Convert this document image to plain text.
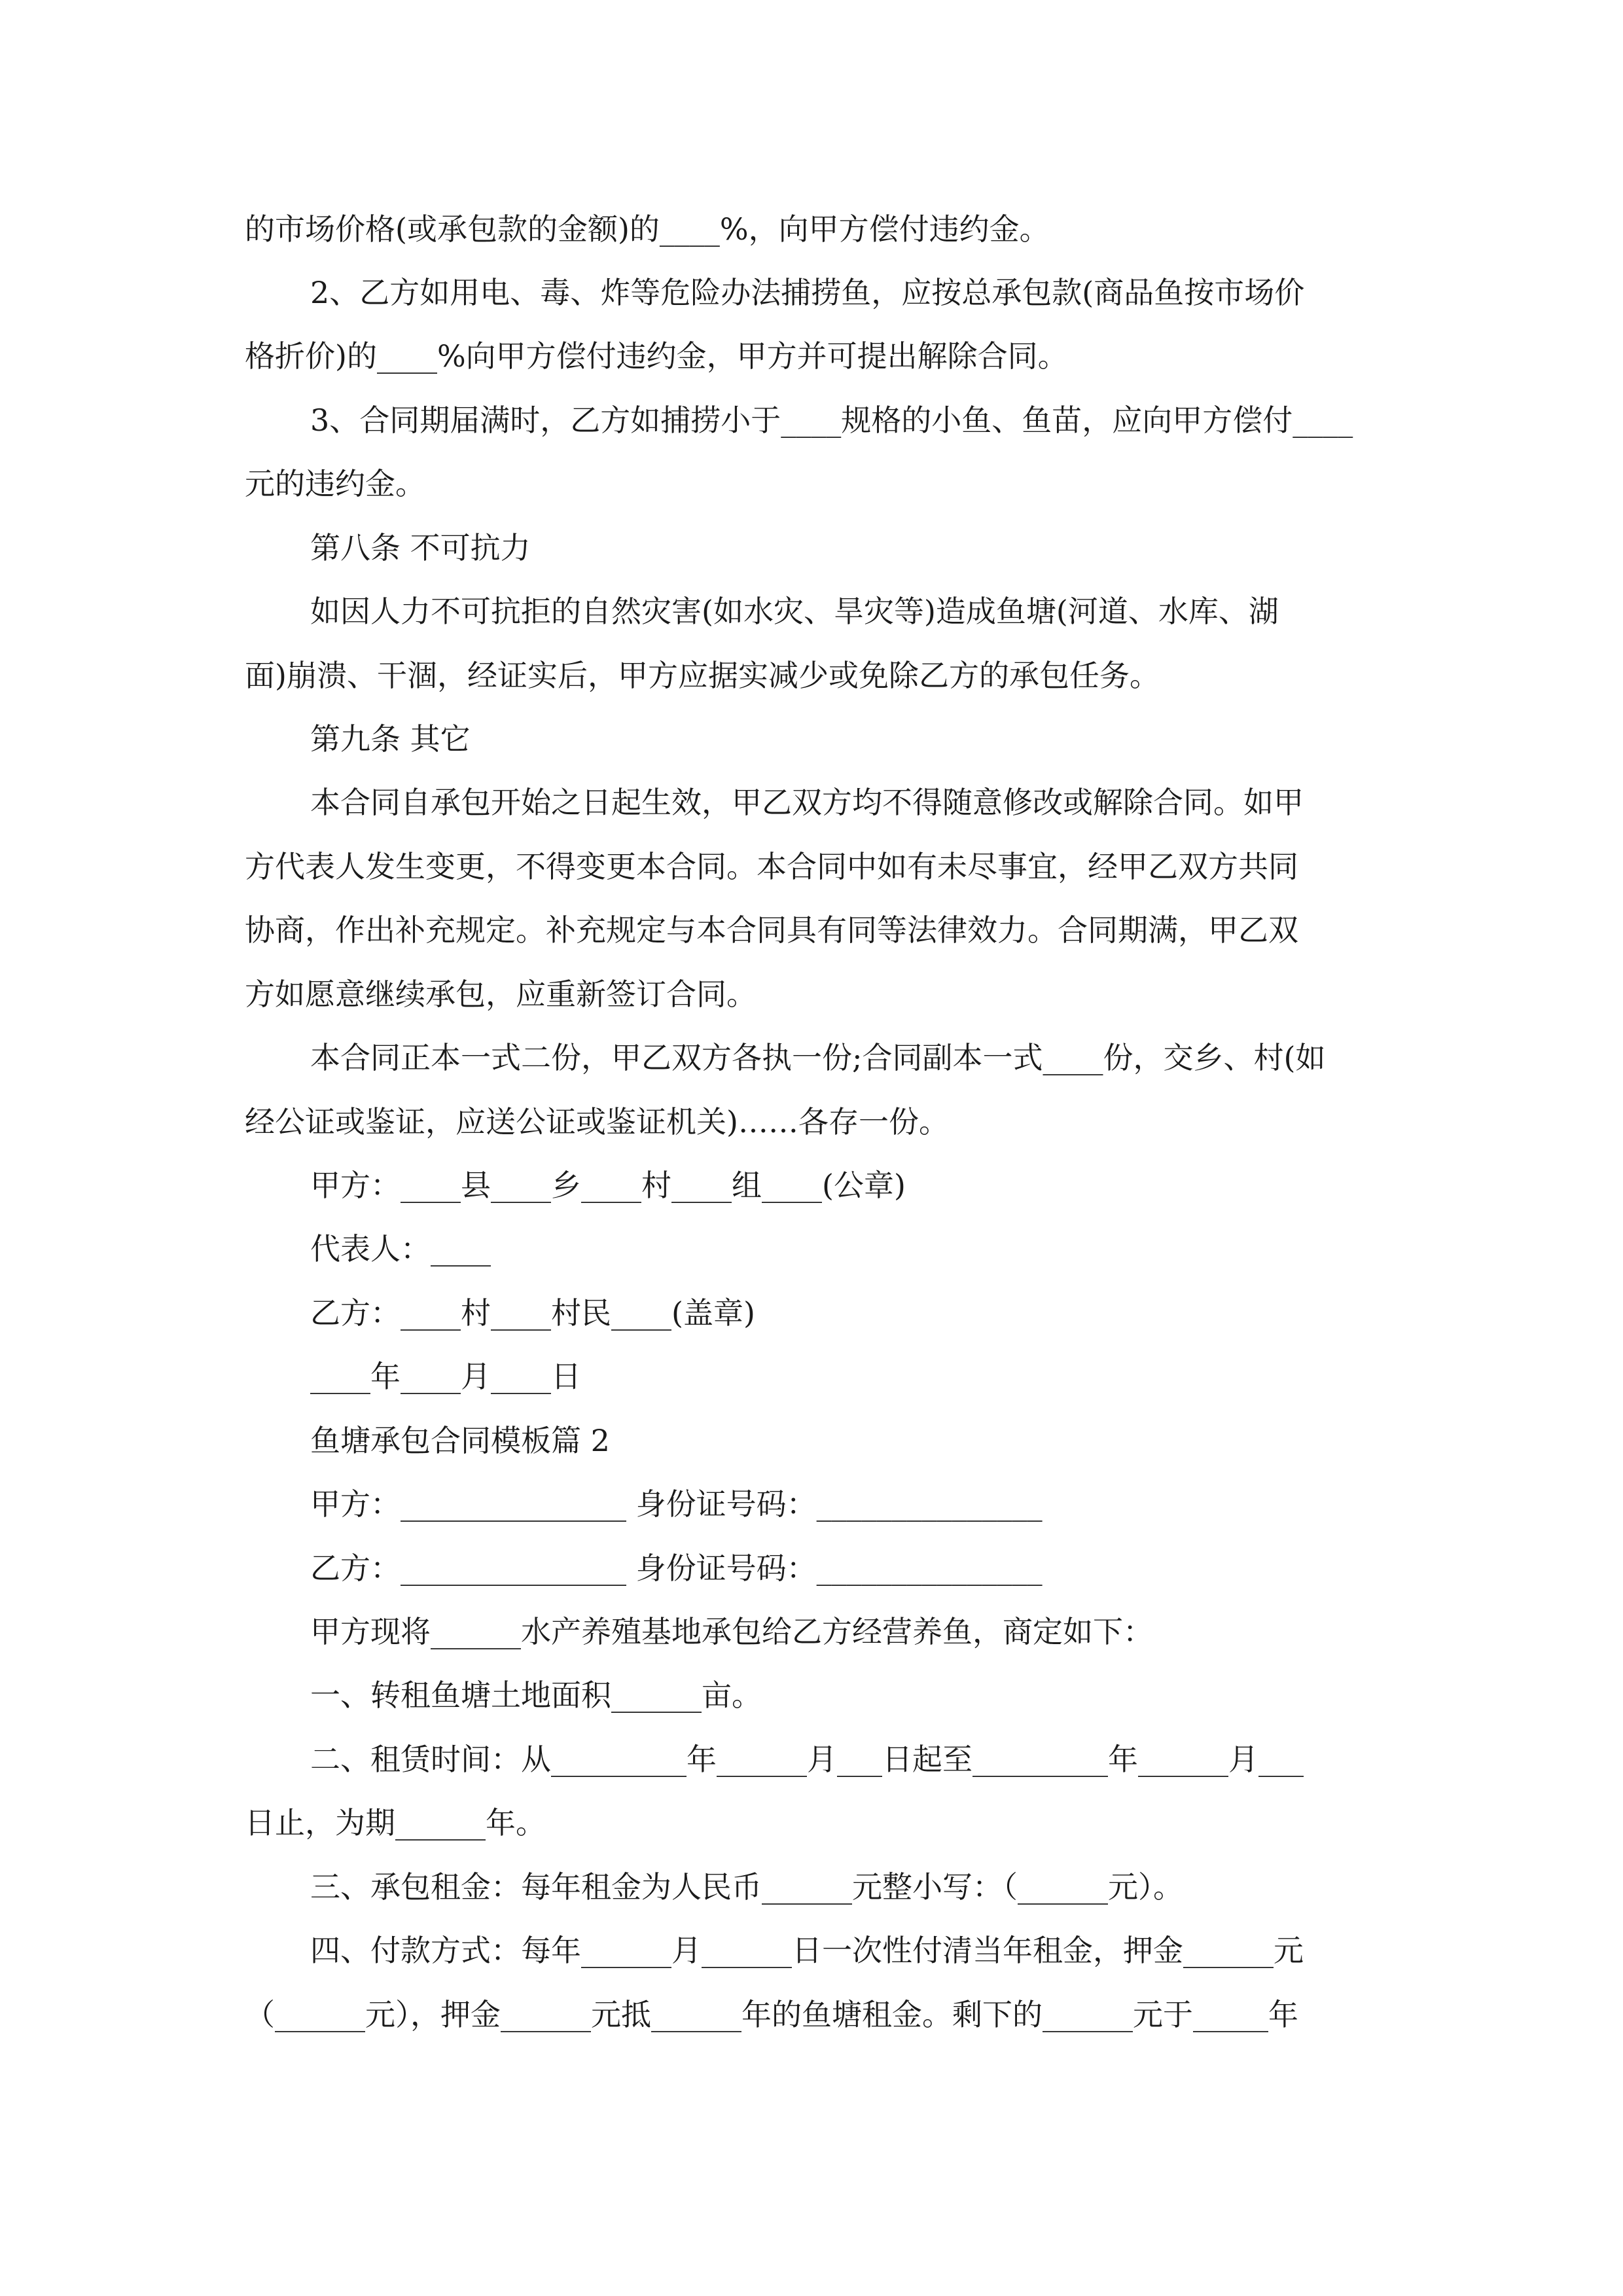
的市场价格(或承包款的金额)的____%，向甲方偿付违约金。
2、乙方如用电、毒、炸等危险办法捕捞鱼，应按总承包款(商品鱼按市场价
格折价)的____%向甲方偿付违约金，甲方并可提出解除合同。
3、合同期届满时，乙方如捕捞小于____规格的小鱼、鱼苗，应向甲方偿付____
元的违约金。
第八条 不可抗力
如因人力不可抗拒的自然灾害(如水灾、旱灾等)造成鱼塘(河道、水库、湖
面)崩溃、干涸，经证实后，甲方应据实减少或免除乙方的承包任务。
第九条 其它
本合同自承包开始之日起生效，甲乙双方均不得随意修改或解除合同。如甲
方代表人发生变更，不得变更本合同。本合同中如有未尽事宜，经甲乙双方共同
协商，作出补充规定。补充规定与本合同具有同等法律效力。合同期满，甲乙双
方如愿意继续承包，应重新签订合同。
本合同正本一式二份，甲乙双方各执一份;合同副本一式____份，交乡、村(如
经公证或鉴证，应送公证或鉴证机关)……各存一份。
甲方：____县____乡____村____组____(公章)
代表人：____
乙方：____村____村民____(盖章)
____年____月____日
鱼塘承包合同模板篇 2
甲方：_______________ 身份证号码：_______________
乙方：_______________ 身份证号码：_______________
甲方现将______水产养殖基地承包给乙方经营养鱼，商定如下：
一、转租鱼塘土地面积______亩。
二、租赁时间：从_________年______月___日起至_________年______月___
日止，为期______年。
三、承包租金：每年租金为人民币______元整小写：（______元）。
四、付款方式：每年______月______日一次性付清当年租金，押金______元
（______元），押金______元抵______年的鱼塘租金。剩下的______元于_____年
